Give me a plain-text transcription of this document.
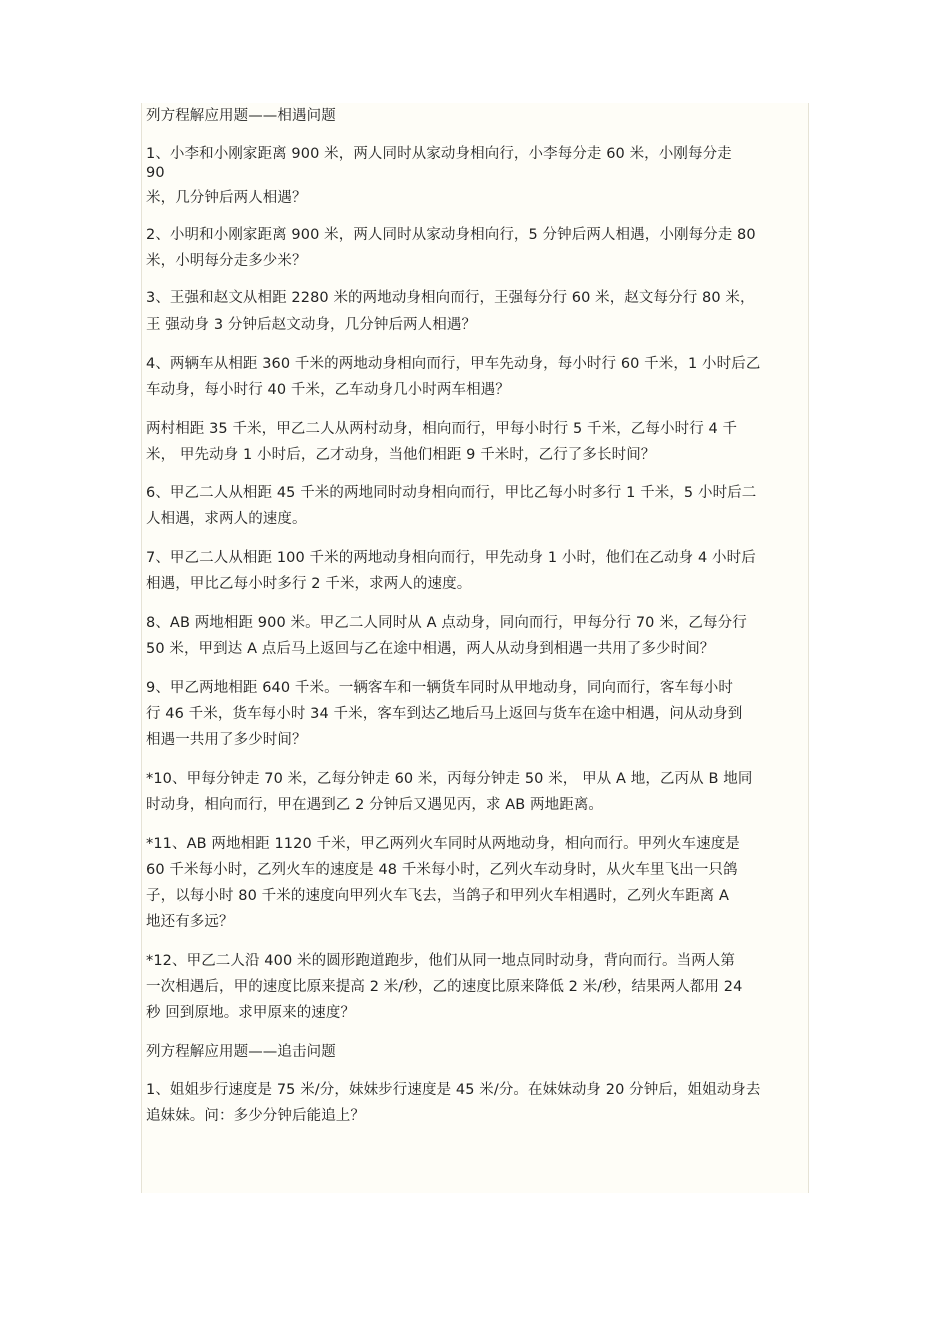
列方程解应用题——相遇问题
1、小李和小刚家距离 900 米，两人同时从家动身相向行，小李每分走 60 米，小刚每分走
90
米，几分钟后两人相遇？
2、小明和小刚家距离 900 米，两人同时从家动身相向行，5 分钟后两人相遇，小刚每分走 80
米，小明每分走多少米？
3、王强和赵文从相距 2280 米的两地动身相向而行，王强每分行 60 米，赵文每分行 80 米，
王 强动身 3 分钟后赵文动身，几分钟后两人相遇？
4、两辆车从相距 360 千米的两地动身相向而行，甲车先动身，每小时行 60 千米，1 小时后乙
车动身，每小时行 40 千米，乙车动身几小时两车相遇？
两村相距 35 千米，甲乙二人从两村动身，相向而行，甲每小时行 5 千米，乙每小时行 4 千
米， 甲先动身 1 小时后，乙才动身，当他们相距 9 千米时，乙行了多长时间？
6、甲乙二人从相距 45 千米的两地同时动身相向而行，甲比乙每小时多行 1 千米，5 小时后二
人相遇，求两人的速度。
7、甲乙二人从相距 100 千米的两地动身相向而行，甲先动身 1 小时，他们在乙动身 4 小时后
相遇，甲比乙每小时多行 2 千米，求两人的速度。
8、AB 两地相距 900 米。甲乙二人同时从 A 点动身，同向而行，甲每分行 70 米，乙每分行
50 米，甲到达 A 点后马上返回与乙在途中相遇，两人从动身到相遇一共用了多少时间？
9、甲乙两地相距 640 千米。一辆客车和一辆货车同时从甲地动身，同向而行，客车每小时
行 46 千米，货车每小时 34 千米，客车到达乙地后马上返回与货车在途中相遇，问从动身到
相遇一共用了多少时间？
*10、甲每分钟走 70 米，乙每分钟走 60 米，丙每分钟走 50 米， 甲从 A 地，乙丙从 B 地同
时动身，相向而行，甲在遇到乙 2 分钟后又遇见丙，求 AB 两地距离。
*11、AB 两地相距 1120 千米，甲乙两列火车同时从两地动身，相向而行。甲列火车速度是
60 千米每小时，乙列火车的速度是 48 千米每小时，乙列火车动身时，从火车里飞出一只鸽
子，以每小时 80 千米的速度向甲列火车飞去，当鸽子和甲列火车相遇时，乙列火车距离 A
地还有多远？
*12、甲乙二人沿 400 米的圆形跑道跑步，他们从同一地点同时动身，背向而行。当两人第
一次相遇后，甲的速度比原来提高 2 米/秒，乙的速度比原来降低 2 米/秒，结果两人都用 24
秒 回到原地。求甲原来的速度？
列方程解应用题——追击问题
1、姐姐步行速度是 75 米/分，妹妹步行速度是 45 米/分。在妹妹动身 20 分钟后，姐姐动身去
追妹妹。问：多少分钟后能追上？
